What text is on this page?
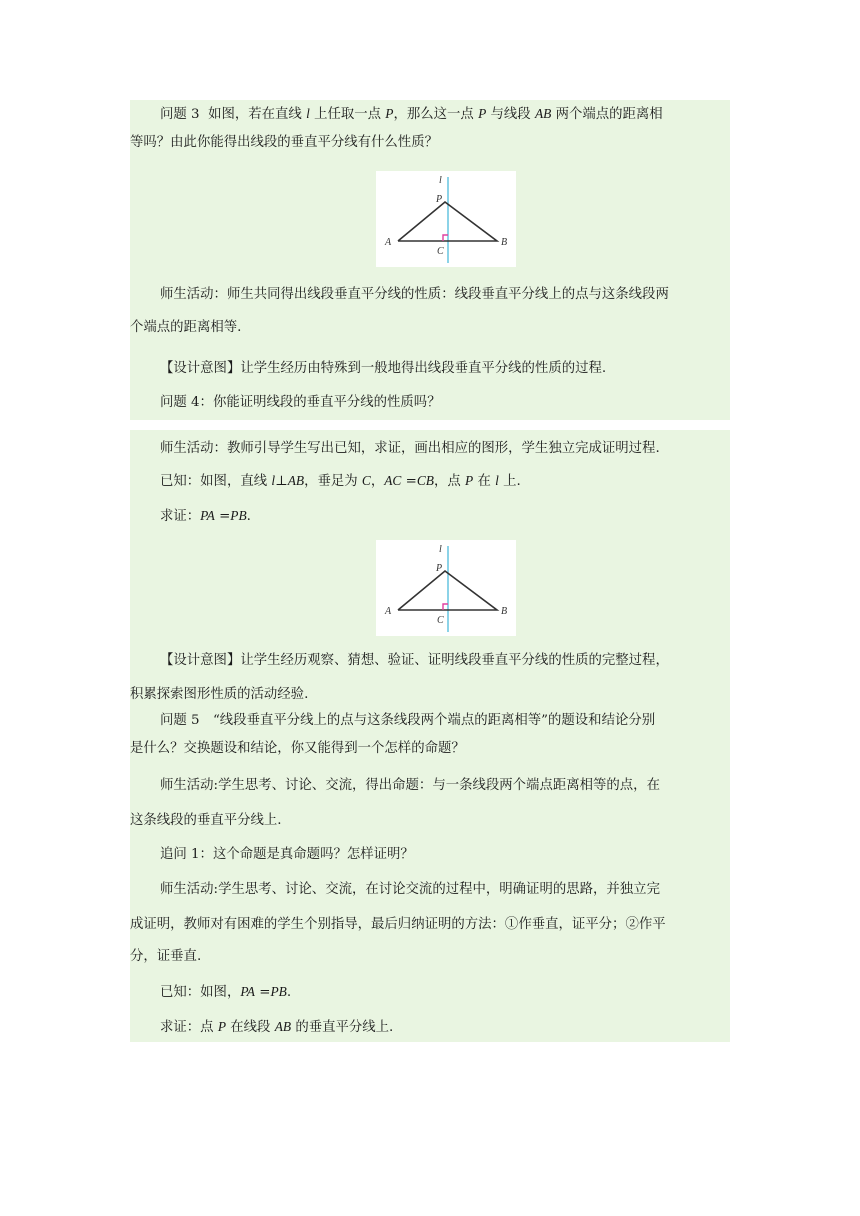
问题 3 如图，若在直线 l 上任取一点 P，那么这一点 P 与线段 AB 两个端点的距离相

等吗？由此你能得出线段的垂直平分线有什么性质？

l
P
A	B
C

师生活动：师生共同得出线段垂直平分线的性质：线段垂直平分线上的点与这条线段两

个端点的距离相等.

【设计意图】让学生经历由特殊到一般地得出线段垂直平分线的性质的过程.

问题 4：你能证明线段的垂直平分线的性质吗？

师生活动：教师引导学生写出已知，求证，画出相应的图形，学生独立完成证明过程.

已知：如图，直线 l⊥AB，垂足为 C，AC =CB，点 P 在 l 上.

求证：PA =PB.

l
P
A	B
C

【设计意图】让学生经历观察、猜想、验证、证明线段垂直平分线的性质的完整过程，

积累探索图形性质的活动经验.

问题 5　“线段垂直平分线上的点与这条线段两个端点的距离相等”的题设和结论分别

是什么？交换题设和结论，你又能得到一个怎样的命题？

师生活动:学生思考、讨论、交流，得出命题：与一条线段两个端点距离相等的点，在

这条线段的垂直平分线上.

追问 1：这个命题是真命题吗？怎样证明？

师生活动:学生思考、讨论、交流，在讨论交流的过程中，明确证明的思路，并独立完

成证明，教师对有困难的学生个别指导，最后归纳证明的方法：①作垂直，证平分；②作平

分，证垂直.

已知：如图，PA =PB.

求证：点 P 在线段 AB 的垂直平分线上.
